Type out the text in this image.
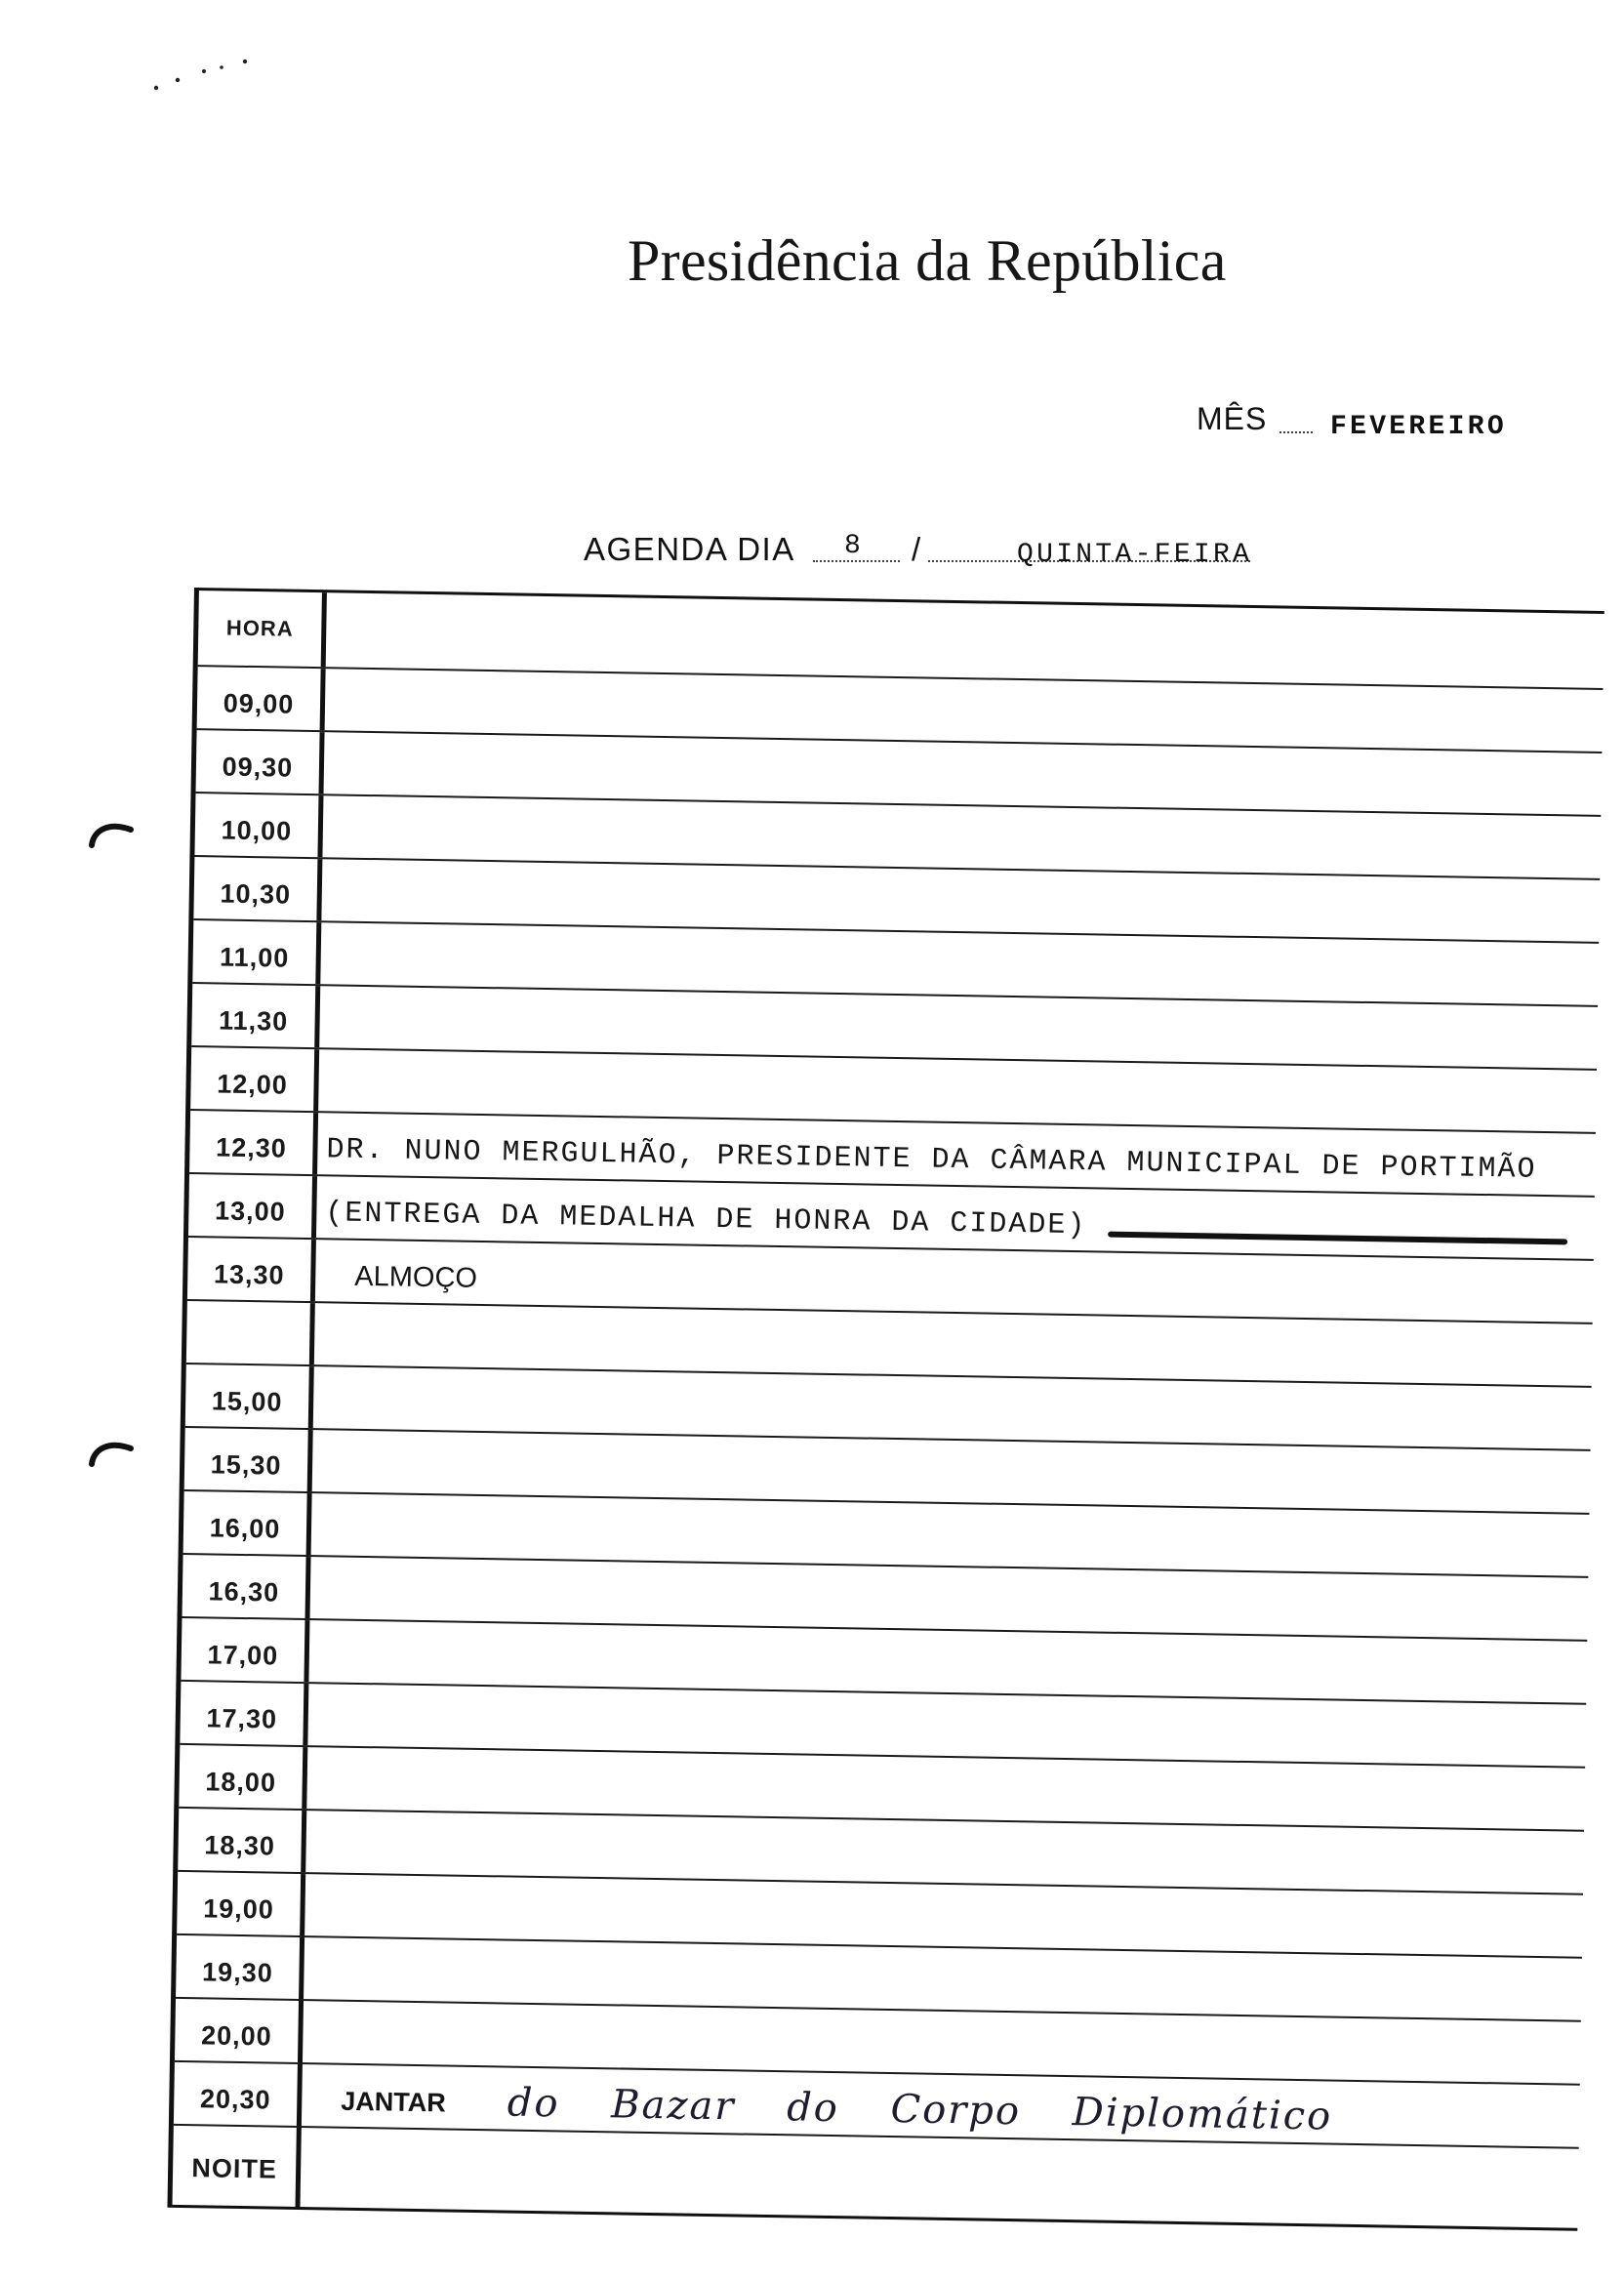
Presidência da República
MÊS FEVEREIRO
AGENDA DIA 8 /	QUINTA-FEIRA
HORA
09,00
09,30
10,00
10,30
11,00
11,30
12,00
12,30	DR. NUNO MERGULHÃO, PRESIDENTE DA CÂMARA MUNICIPAL DE PORTIMÃO
13,00	(ENTREGA DA MEDALHA DE HONRA DA CIDADE)
13,30	ALMOÇO
15,00
15,30
16,00
16,30
17,00
17,30
18,00
18,30
19,00
19,30
20,00
20,30	JANTAR do Bazar do Corpo Diplomático
NOITE
